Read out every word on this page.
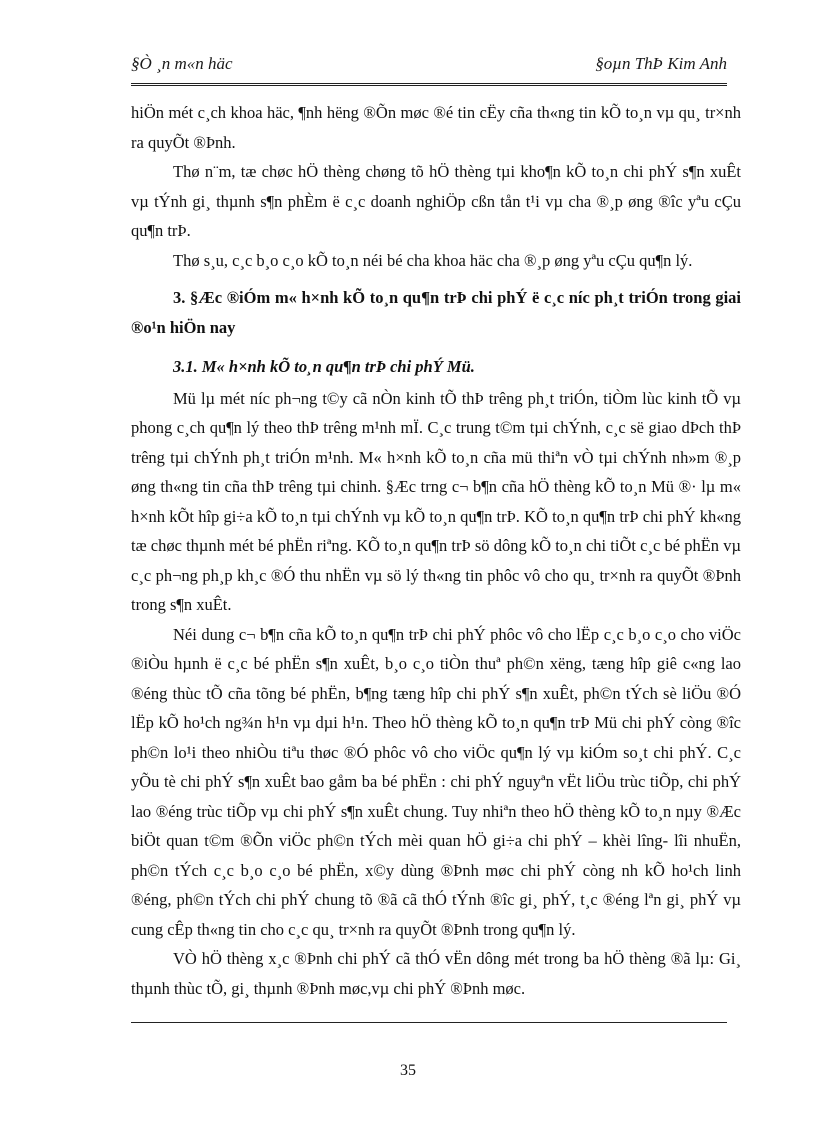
§Ò ¸n m«n häc	§oµn ThÞ Kim Anh

hiÖn mét c¸ch khoa häc, ¶nh hëng ®Õn møc ®é tin cËy cña th«ng tin kÕ to¸n vµ qu¸ tr×nh ra quyÕt ®Þnh.

Thø n¨m, tæ chøc hÖ thèng chøng tõ hÖ thèng tµi kho¶n kÕ to¸n chi phÝ s¶n xuÊt vµ tÝnh gi¸ thµnh s¶n phÈm ë c¸c doanh nghiÖp cßn tån t¹i vµ cha ®¸p øng ®îc yªu cÇu qu¶n trÞ.

Thø s¸u, c¸c b¸o c¸o kÕ to¸n néi bé cha khoa häc cha ®¸p øng yªu cÇu qu¶n lý.

3. §Æc ®iÓm m« h×nh kÕ to¸n qu¶n trÞ chi phÝ ë c¸c níc ph¸t triÓn trong giai ®o¹n hiÖn nay

3.1. M« h×nh kÕ to¸n qu¶n trÞ chi phÝ Mü.

Mü lµ mét níc ph¬ng t©y cã nÒn kinh tÕ thÞ trêng ph¸t triÓn, tiÒm lùc kinh tÕ vµ phong c¸ch qu¶n lý theo thÞ trêng m¹nh mÏ. C¸c trung t©m tµi chÝnh, c¸c së giao dÞch thÞ trêng tµi chÝnh ph¸t triÓn m¹nh. M« h×nh kÕ to¸n cña mü thiªn vÒ tµi chÝnh nh»m ®¸p øng th«ng tin cña thÞ trêng tµi chinh. §Æc trng c¬ b¶n cña hÖ thèng kÕ to¸n Mü ®· lµ m« h×nh kÕt hîp gi÷a kÕ to¸n tµi chÝnh vµ kÕ to¸n qu¶n trÞ. KÕ to¸n qu¶n trÞ chi phÝ kh«ng tæ chøc thµnh mét bé phËn riªng. KÕ to¸n qu¶n trÞ sö dông kÕ to¸n chi tiÕt c¸c bé phËn vµ c¸c ph¬ng ph¸p kh¸c ®Ó thu nhËn vµ sö lý th«ng tin phôc vô cho qu¸ tr×nh ra quyÕt ®Þnh trong s¶n xuÊt.

Néi dung c¬ b¶n cña kÕ to¸n qu¶n trÞ chi phÝ phôc vô cho lËp c¸c b¸o c¸o cho viÖc ®iÒu hµnh ë c¸c bé phËn s¶n xuÊt, b¸o c¸o tiÒn thuª ph©n xëng, tæng hîp giê c«ng lao ®éng thùc tÕ cña tõng bé phËn, b¶ng tæng hîp chi phÝ s¶n xuÊt, ph©n tÝch sè liÖu ®Ó lËp kÕ ho¹ch ng¾n h¹n vµ dµi h¹n. Theo hÖ thèng kÕ to¸n qu¶n trÞ Mü chi phÝ còng ®îc ph©n lo¹i theo nhiÒu tiªu thøc ®Ó phôc vô cho viÖc qu¶n lý vµ kiÓm so¸t chi phÝ. C¸c yÕu tè chi phÝ s¶n xuÊt bao gåm ba bé phËn : chi phÝ nguyªn vËt liÖu trùc tiÕp, chi phÝ lao ®éng trùc tiÕp vµ chi phÝ s¶n xuÊt chung. Tuy nhiªn theo hÖ thèng kÕ to¸n nµy ®Æc biÖt quan t©m ®Õn viÖc ph©n tÝch mèi quan hÖ gi÷a chi phÝ – khèi lîng- lîi nhuËn, ph©n tÝch c¸c b¸o c¸o bé phËn, x©y dùng ®Þnh møc chi phÝ còng nh kÕ ho¹ch linh ®éng, ph©n tÝch chi phÝ chung tõ ®ã cã thÓ tÝnh ®îc gi¸ phÝ, t¸c ®éng lªn gi¸ phÝ vµ cung cÊp th«ng tin cho c¸c qu¸ tr×nh ra quyÕt ®Þnh trong qu¶n lý.

VÒ hÖ thèng x¸c ®Þnh chi phÝ cã thÓ vËn dông mét trong ba hÖ thèng ®ã lµ: Gi¸ thµnh thùc tÕ, gi¸ thµnh ®Þnh møc,vµ chi phÝ ®Þnh møc.

35
